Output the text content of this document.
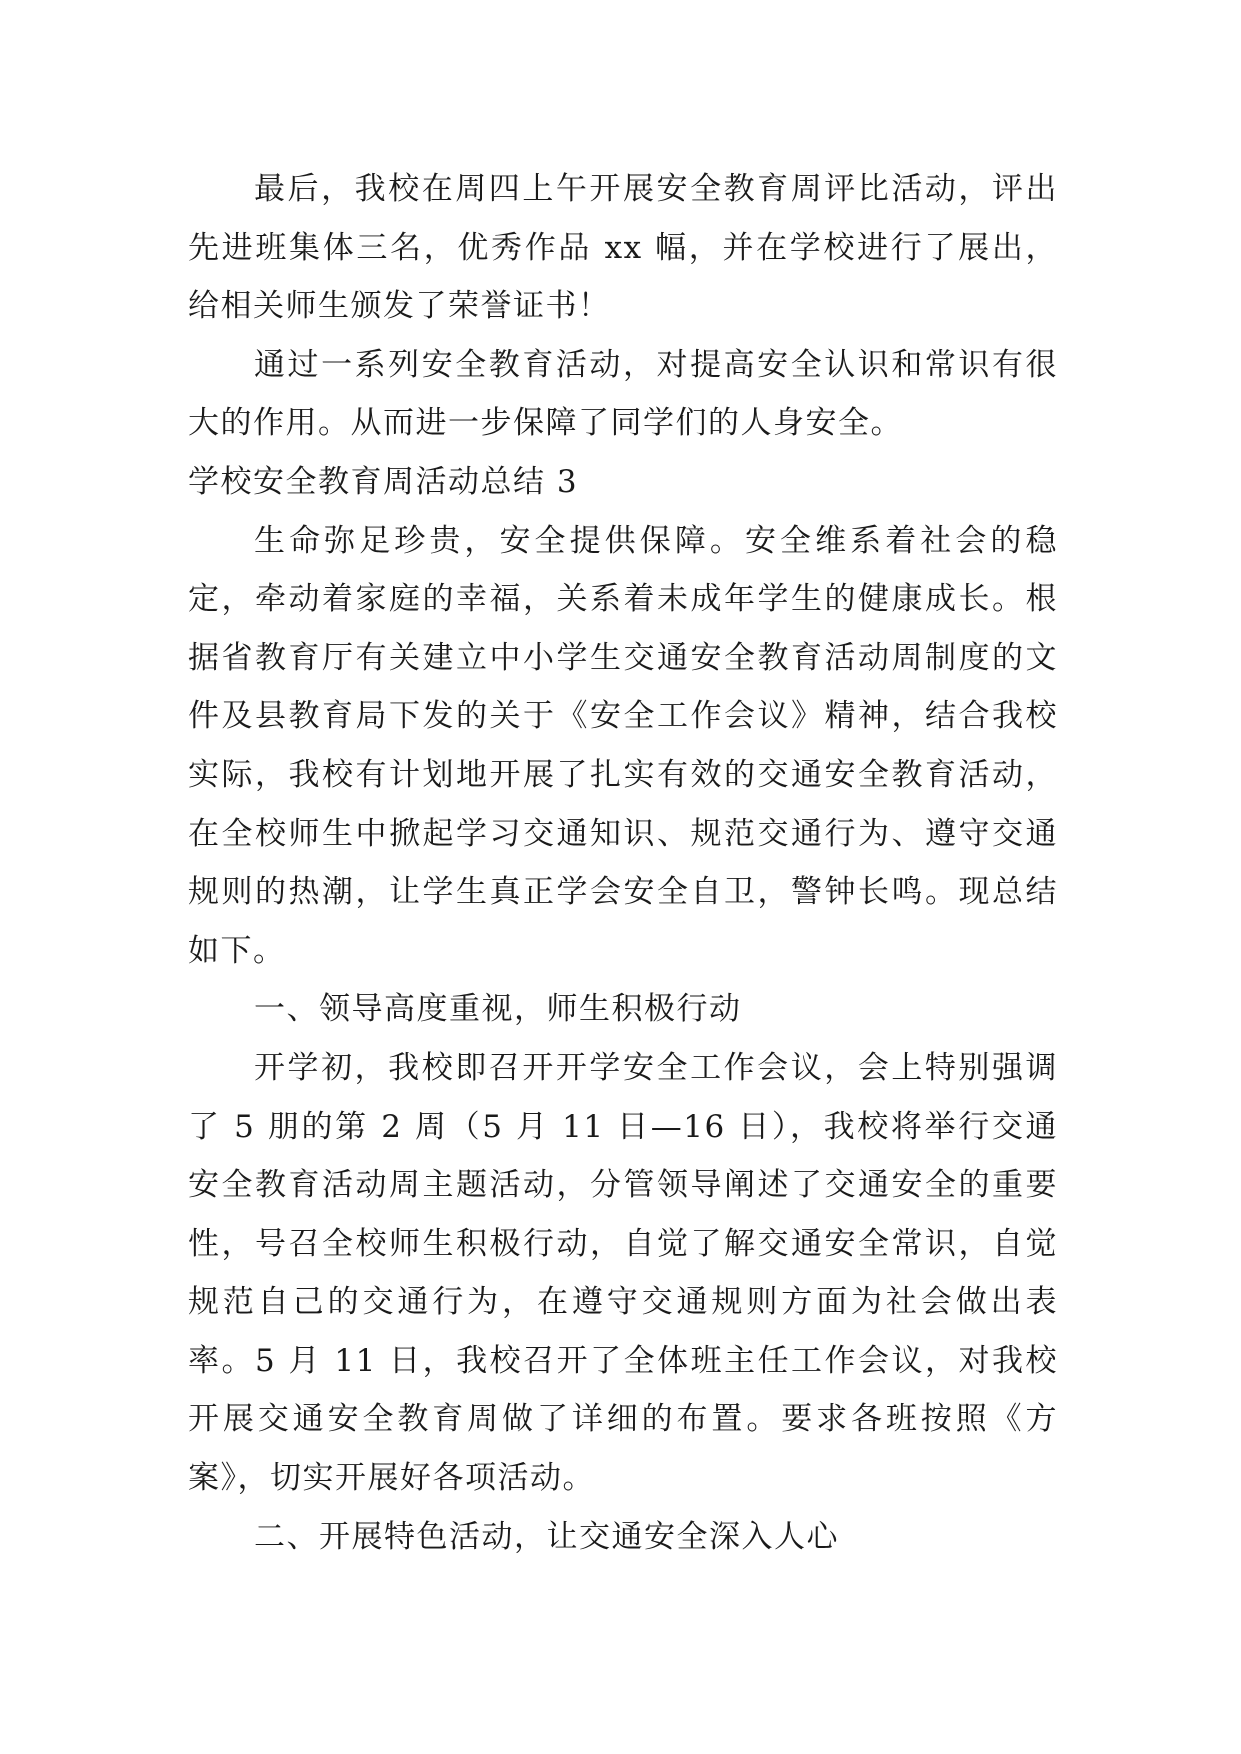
最后，我校在周四上午开展安全教育周评比活动，评出先进班集体三名，优秀作品 xx 幅，并在学校进行了展出，给相关师生颁发了荣誉证书！

通过一系列安全教育活动，对提高安全认识和常识有很大的作用。从而进一步保障了同学们的人身安全。

学校安全教育周活动总结 3

生命弥足珍贵，安全提供保障。安全维系着社会的稳定，牵动着家庭的幸福，关系着未成年学生的健康成长。根据省教育厅有关建立中小学生交通安全教育活动周制度的文件及县教育局下发的关于《安全工作会议》精神，结合我校实际，我校有计划地开展了扎实有效的交通安全教育活动，在全校师生中掀起学习交通知识、规范交通行为、遵守交通规则的热潮，让学生真正学会安全自卫，警钟长鸣。现总结如下。

一、领导高度重视，师生积极行动

开学初，我校即召开开学安全工作会议，会上特别强调了 5 朋的第 2 周（5 月 11 日—16 日），我校将举行交通安全教育活动周主题活动，分管领导阐述了交通安全的重要性，号召全校师生积极行动，自觉了解交通安全常识，自觉规范自己的交通行为，在遵守交通规则方面为社会做出表率。5 月 11 日，我校召开了全体班主任工作会议，对我校开展交通安全教育周做了详细的布置。要求各班按照《方案》，切实开展好各项活动。

二、开展特色活动，让交通安全深入人心
